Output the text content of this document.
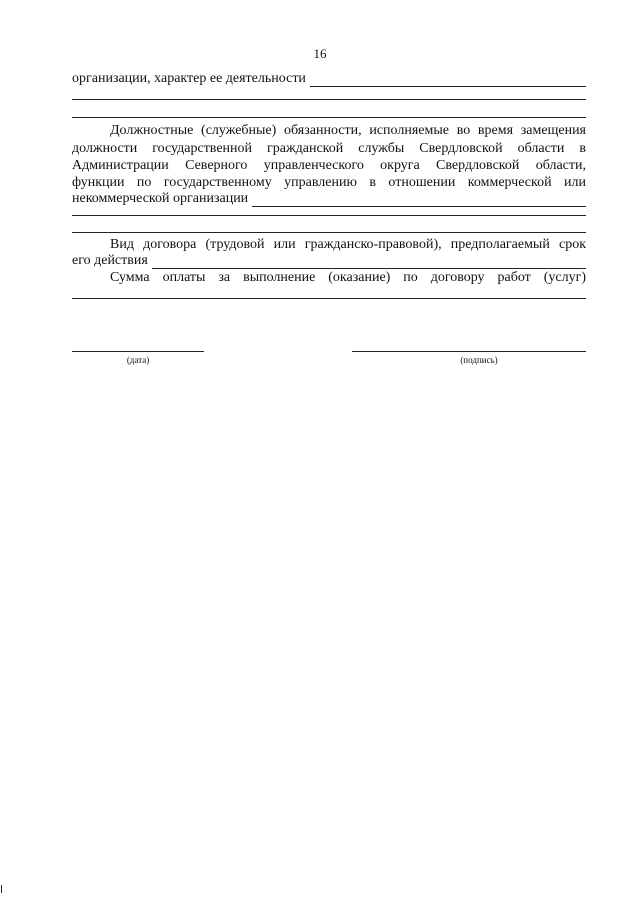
16
организации, характер ее деятельности
Должностные (служебные) обязанности, исполняемые во время замещения
должности государственной гражданской службы Свердловской области в
Администрации Северного управленческого округа Свердловской области,
функции по государственному управлению в отношении коммерческой или
некоммерческой организации
Вид договора (трудовой или гражданско-правовой), предполагаемый срок
его действия
Сумма оплаты за выполнение (оказание) по договору работ (услуг)
(дата)	(подпись)
